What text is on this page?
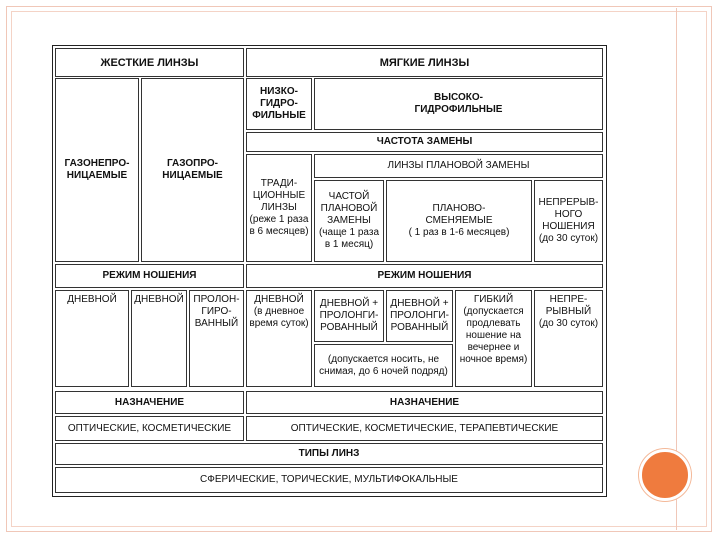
ЖЕСТКИЕ ЛИНЗЫ
ГАЗОНЕПРО-
НИЦАЕМЫЕ
ГАЗОПРО-
НИЦАЕМЫЕ
РЕЖИМ НОШЕНИЯ
ДНЕВНОЙ	ДНЕВНОЙ ПРОЛОН-
ГИРО-
ВАННЫЙ
НАЗНАЧЕНИЕ
ОПТИЧЕСКИЕ, КОСМЕТИЧЕСКИЕ
МЯГКИЕ ЛИНЗЫ
НИЗКО-
ГИДРО-
ФИЛЬНЫЕ
ВЫСОКО-
ГИДРОФИЛЬНЫЕ
ЧАСТОТА ЗАМЕНЫ
ТРАДИ-
ЦИОННЫЕ
ЛИНЗЫ
(реже 1 раза
в 6 месяцев)
ЛИНЗЫ ПЛАНОВОЙ ЗАМЕНЫ
ЧАСТОЙ
ПЛАНОВОЙ
ЗАМЕНЫ
(чаще 1 раза
в 1 месяц)
ПЛАНОВО-
СМЕНЯЕМЫЕ
( 1 раз в 1-6 месяцев)
НЕПРЕРЫВ-
НОГО
НОШЕНИЯ
(до 30 суток)
РЕЖИМ НОШЕНИЯ
ДНЕВНОЙ
(в дневное
время суток)
ДНЕВНОЙ +
ПРОЛОНГИ-
РОВАННЫЙ
ДНЕВНОЙ +
ПРОЛОНГИ-
РОВАННЫЙ
(допускается носить, не
снимая, до 6 ночей подряд)
ГИБКИЙ
(допускается
продлевать
ношение на
вечернее и
ночное время)
НЕПРЕ-
РЫВНЫЙ
(до 30 суток)
НАЗНАЧЕНИЕ
ОПТИЧЕСКИЕ, КОСМЕТИЧЕСКИЕ, ТЕРАПЕВТИЧЕСКИЕ
ТИПЫ ЛИНЗ
СФЕРИЧЕСКИЕ, ТОРИЧЕСКИЕ, МУЛЬТИФОКАЛЬНЫЕ
